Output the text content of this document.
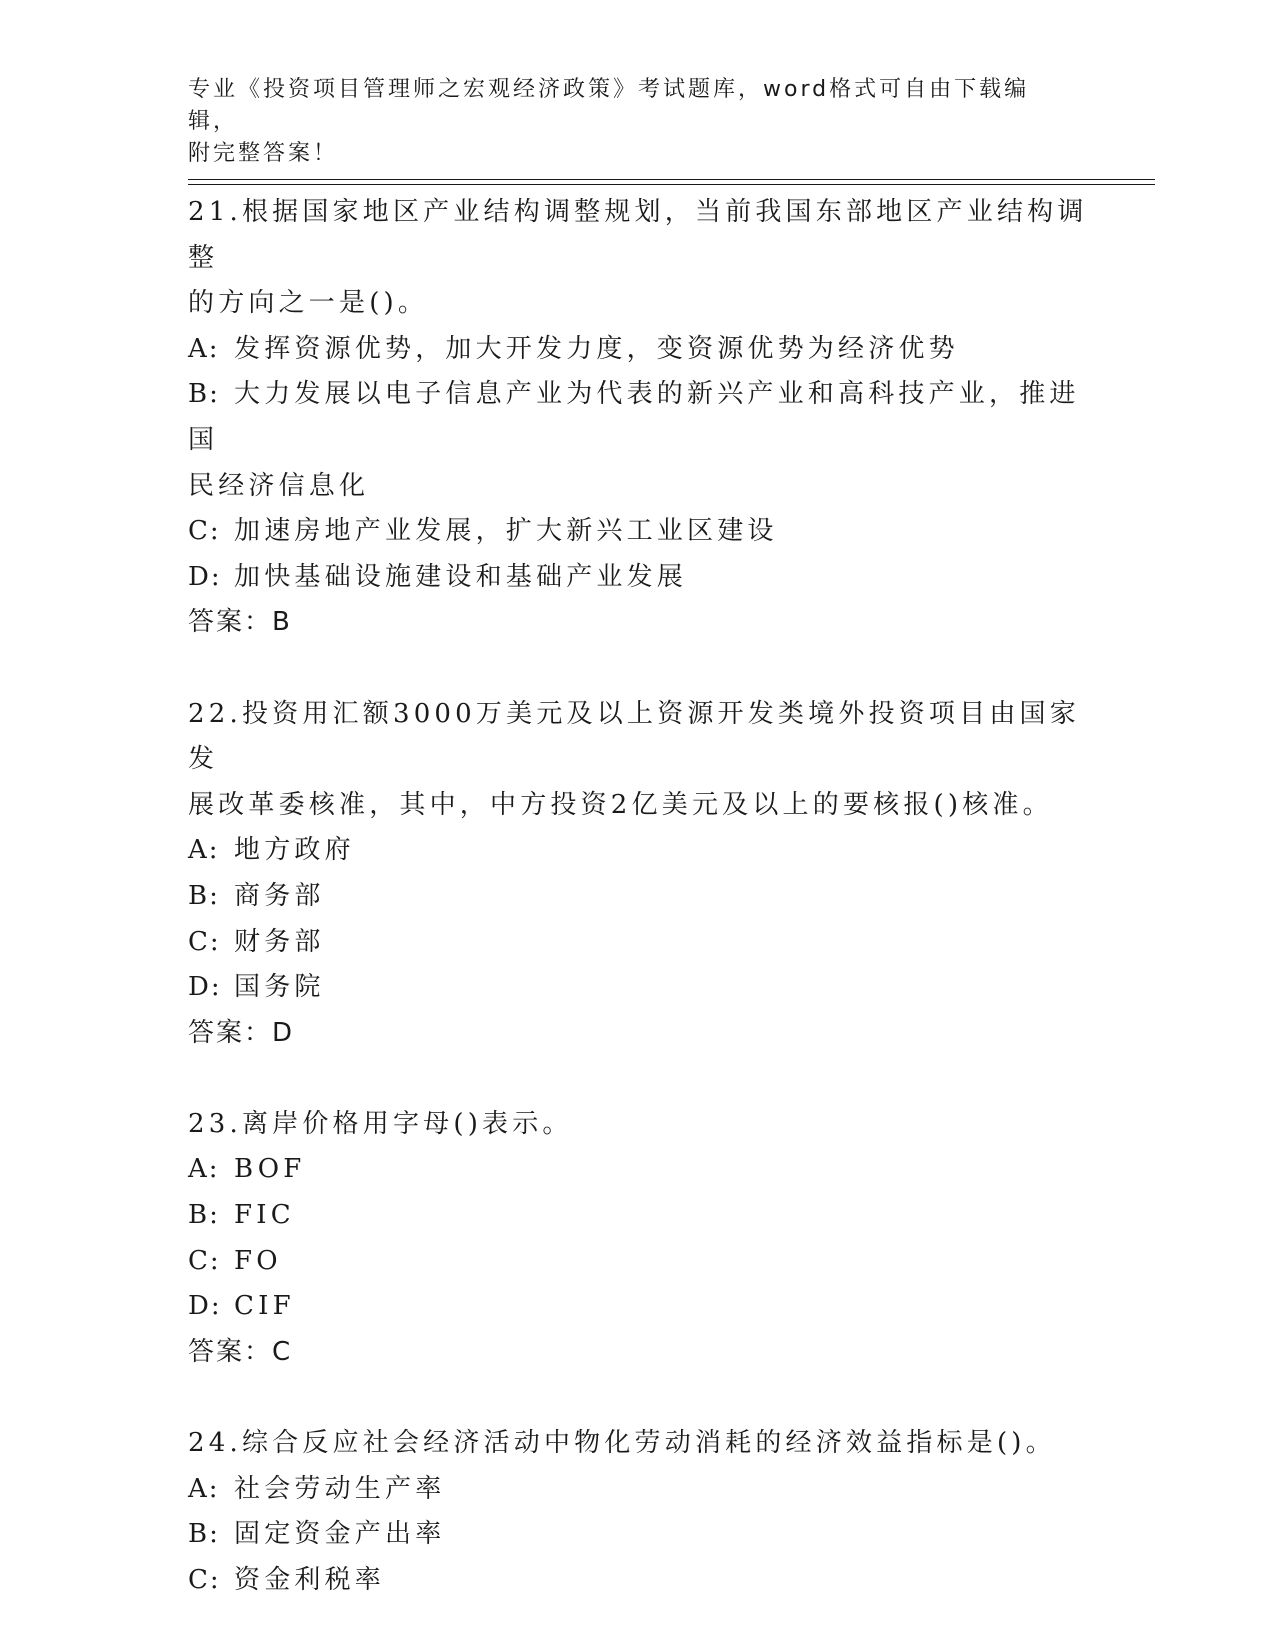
专业《投资项目管理师之宏观经济政策》考试题库，word格式可自由下载编辑，
附完整答案！

21.根据国家地区产业结构调整规划，当前我国东部地区产业结构调整

的方向之一是()。

A: 发挥资源优势，加大开发力度，变资源优势为经济优势

B: 大力发展以电子信息产业为代表的新兴产业和高科技产业，推进国

民经济信息化

C: 加速房地产业发展，扩大新兴工业区建设

D: 加快基础设施建设和基础产业发展

答案：B

22.投资用汇额3000万美元及以上资源开发类境外投资项目由国家发

展改革委核准，其中，中方投资2亿美元及以上的要核报()核准。

A: 地方政府

B: 商务部

C: 财务部

D: 国务院

答案：D

23.离岸价格用字母()表示。

A: BOF

B: FIC

C: FO

D: CIF

答案：C

24.综合反应社会经济活动中物化劳动消耗的经济效益指标是()。

A: 社会劳动生产率

B: 固定资金产出率

C: 资金利税率
